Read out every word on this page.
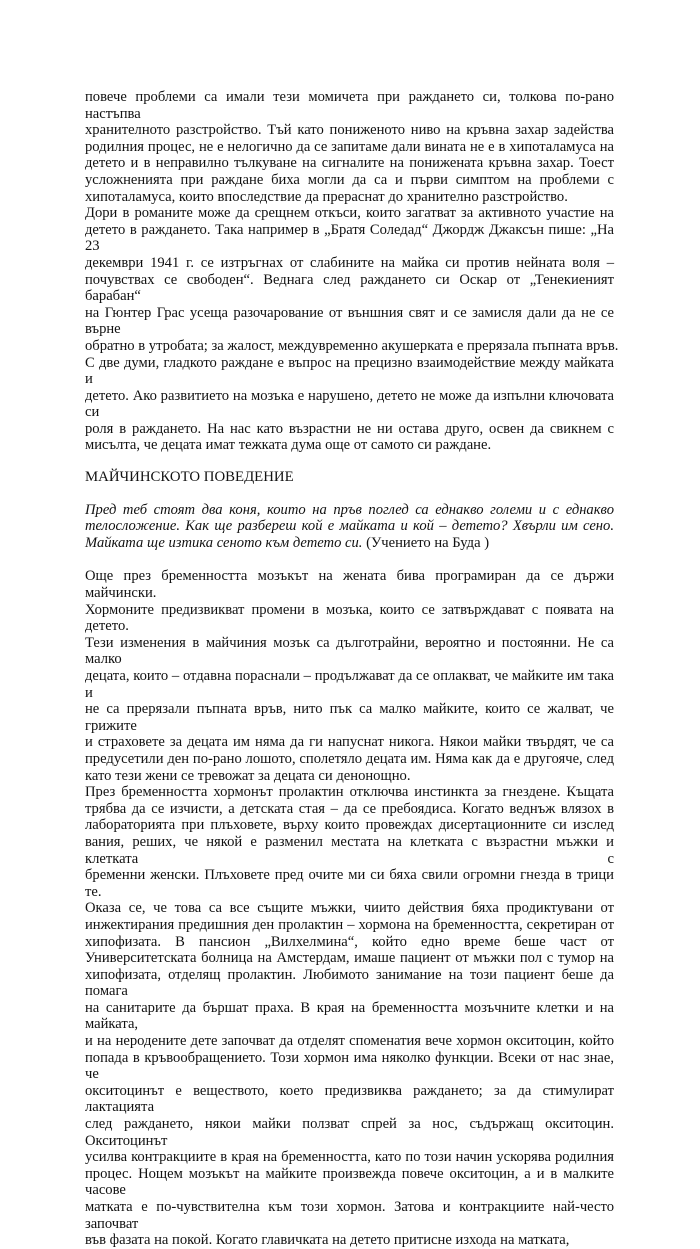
повече проблеми са имали тези момичета при раждането си, толкова по-рано настъпва
хранителното разстройство. Тъй като пониженото ниво на кръвна захар задейства
родилния процес, не е нелогично да се запитаме дали вината не е в хипоталамуса на
детето и в неправилно тълкуване на сигналите на понижената кръвна захар. Тоест
усложненията при раждане биха могли да са и първи симптом на проблеми с
хипоталамуса, които впоследствие да прераснат до хранително разстройство.
Дори в романите може да срещнем откъси, които загатват за активното участие на
детето в раждането. Така например в „Братя Соледад“ Джордж Джаксън пише: „На 23
декември 1941 г. се изтръгнах от слабините на майка си против нейната воля –
почувствах се свободен“. Веднага след раждането си Оскар от „Тенекиеният барабан“
на Гюнтер Грас усеща разочарование от външния свят и се замисля дали да не се върне
обратно в утробата; за жалост, междувременно акушерката е прерязала пъпната връв.
С две думи, гладкото раждане е въпрос на прецизно взаимодействие между майката и
детето. Ако развитието на мозъка е нарушено, детето не може да изпълни ключовата си
роля в раждането. На нас като възрастни не ни остава друго, освен да свикнем с
мисълта, че децата имат тежката дума още от самото си раждане.
МАЙЧИНСКОТО ПОВЕДЕНИЕ
Пред теб стоят два коня, които на пръв поглед са еднакво големи и с еднакво
телосложение. Как ще разбереш кой е майката и кой – детето? Хвърли им сено.
Майката ще изтика сеното към детето си. (Учението на Буда )
Още през бременността мозъкът на жената бива програмиран да се държи майчински.
Хормоните предизвикват промени в мозъка, които се затвърждават с появата на детето.
Тези изменения в майчиния мозък са дълготрайни, вероятно и постоянни. Не са малко
децата, които – отдавна пораснали – продължават да се оплакват, че майките им така и
не са прерязали пъпната връв, нито пък са малко майките, които се жалват, че грижите
и страховете за децата им няма да ги напуснат никога. Някои майки твърдят, че са
предусетили ден по-рано лошото, сполетяло децата им. Няма как да е другояче, след
като тези жени се тревожат за децата си денонощно.
През бременността хормонът пролактин отключва инстинкта за гнездене. Къщата
трябва да се изчисти, а детската стая – да се пребоядиса. Когато веднъж влязох в
лабораторията при плъховете, върху които провеждах дисертационните си изслед
вания, реших, че някой е разменил местата на клетката с възрастни мъжки и клетката с
бременни женски. Плъховете пред очите ми си бяха свили огромни гнезда в трици те.
Оказа се, че това са все същите мъжки, чиито действия бяха продиктувани от
инжектирания предишния ден пролактин – хормона на бременността, секретиран от
хипофизата. В пансион „Вилхелмина“, който едно време беше част от
Университетската болница на Амстердам, имаше пациент от мъжки пол с тумор на
хипофизата, отделящ пролактин. Любимото занимание на този пациент беше да помага
на санитарите да бършат праха. В края на бременността мозъчните клетки и на майката,
и на неродените дете започват да отделят споменатия вече хормон окситоцин, който
попада в кръвообращението. Този хормон има няколко функции. Всеки от нас знае, че
окситоцинът е веществото, което предизвиква раждането; за да стимулират лактацията
след раждането, някои майки ползват спрей за нос, съдържащ окситоцин. Окситоцинът
усилва контракциите в края на бременността, като по този начин ускорява родилния
процес. Нощем мозъкът на майките произвежда повече окситоцин, а и в малките часове
матката е по-чувствителна към този хормон. Затова и контракциите най-често започват
във фазата на покой. Когато главичката на детето притисне изхода на матката,
